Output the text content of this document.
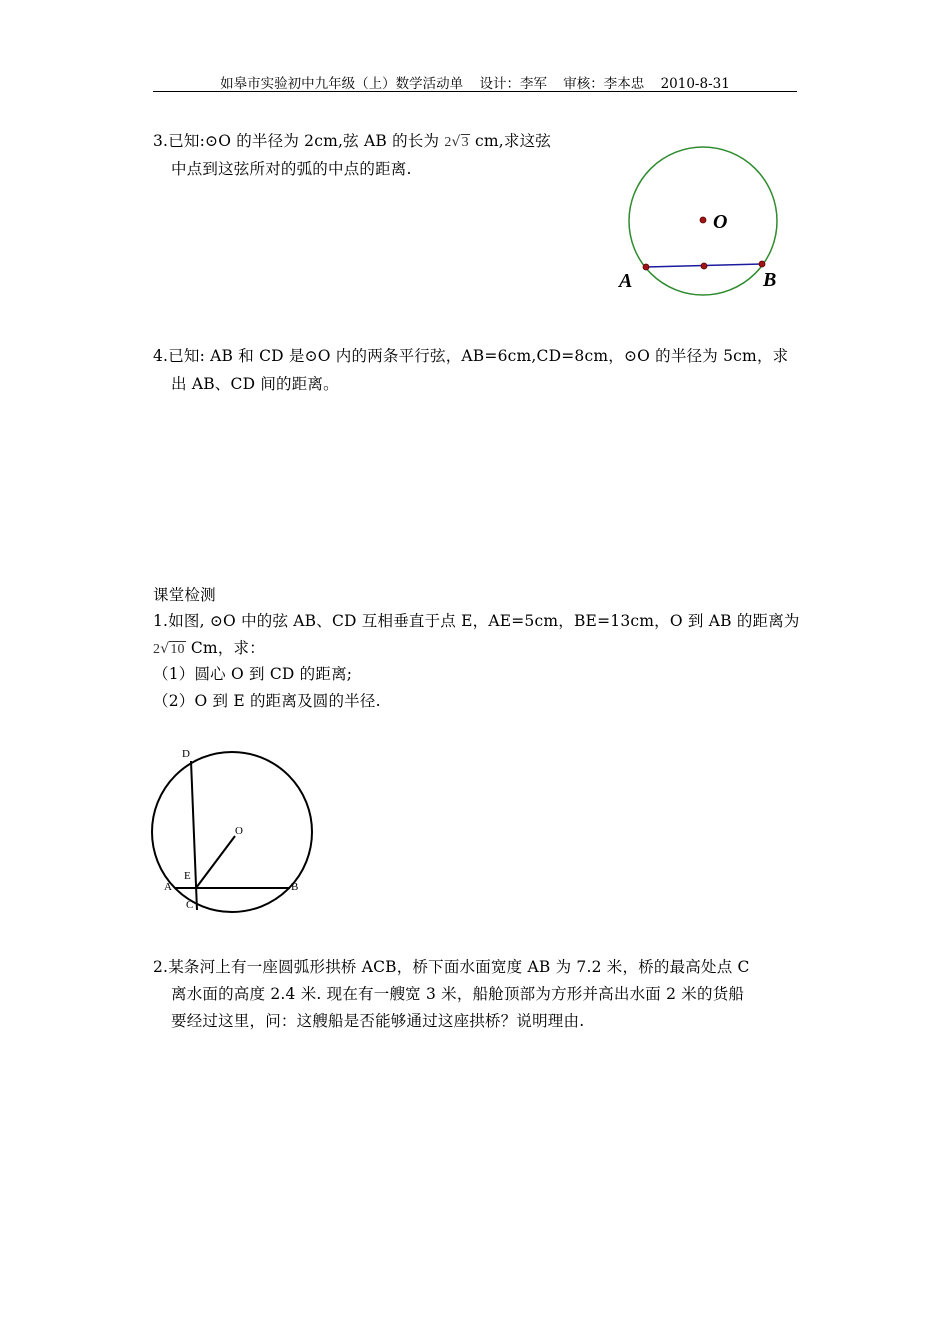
如皋市实验初中九年级（上）数学活动单 设计：李军 审核：李本忠 2010-8-31
3.已知:⊙O 的半径为 2cm,弦 AB 的长为 2√3 cm,求这弦
中点到这弦所对的弧的中点的距离.
O
A	B
4.已知: AB 和 CD 是⊙O 内的两条平行弦，AB=6cm,CD=8cm，⊙O 的半径为 5cm，求
出 AB、CD 间的距离。
课堂检测
1.如图, ⊙O 中的弦 AB、CD 互相垂直于点 E，AE=5cm，BE=13cm，O 到 AB 的距离为
2√10 Cm，求：
（1）圆心 O 到 CD 的距离;
（2）O 到 E 的距离及圆的半径.
D
O
E
A	B
C
2.某条河上有一座圆弧形拱桥 ACB，桥下面水面宽度 AB 为 7.2 米，桥的最高处点 C
离水面的高度 2.4 米. 现在有一艘宽 3 米，船舱顶部为方形并高出水面 2 米的货船
要经过这里，问：这艘船是否能够通过这座拱桥？说明理由.
